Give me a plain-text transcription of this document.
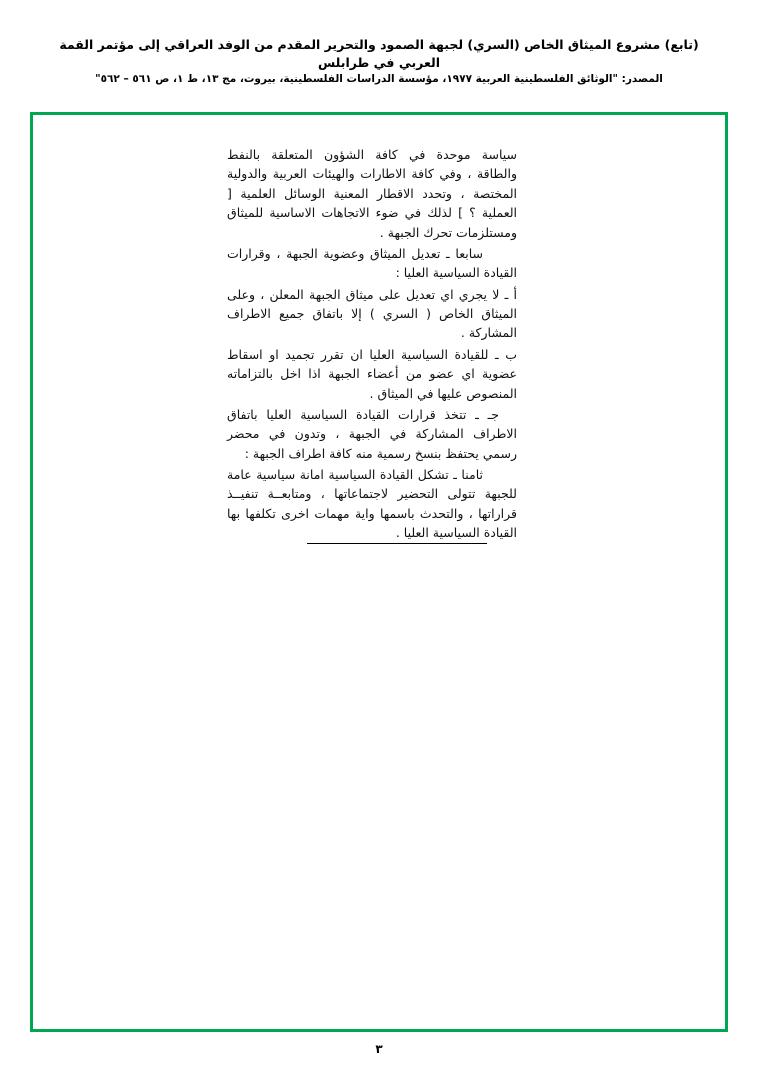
(تابع) مشروع الميثاق الخاص (السري) لجبهة الصمود والتحرير المقدم من الوفد العراقي إلى مؤتمر القمة العربي في طرابلس
المصدر: "الوثائق الفلسطينية العربية ١٩٧٧، مؤسسة الدراسات الفلسطينية، بيروت، مج ١٣، ط ١، ص ٥٦١ – ٥٦٢"

سياسة موحدة في كافة الشؤون المتعلقة بالنفط والطاقة ، وفي كافة الاطارات والهيئات العربية والدولية المختصة ، وتحدد الاقطار المعنية الوسائل العلمية [ العملية ؟ ] لذلك في ضوء الاتجاهات الاساسية للميثاق ومستلزمات تحرك الجبهة .

سابعا ـ تعديل الميثاق وعضوية الجبهة ، وقرارات القيادة السياسية العليا :

أ ـ لا يجري اي تعديل على ميثاق الجبهة المعلن ، وعلى الميثاق الخاص ( السري ) إلا باتفاق جميع الاطراف المشاركة .

ب ـ للقيادة السياسية العليا ان تقرر تجميد او اسقاط عضوية اي عضو من أعضاء الجبهة اذا اخل بالتزاماته المنصوص عليها في الميثاق .

جـ ـ تتخذ قرارات القيادة السياسية العليا باتفاق الاطراف المشاركة في الجبهة ، وتدون في محضر رسمي يحتفظ بنسخ رسمية منه كافة اطراف الجبهة :

ثامنا ـ تشكل القيادة السياسية امانة سياسية عامة للجبهة تتولى التحضير لاجتماعاتها ، ومتابعــة تنفيــذ قراراتها ، والتحدث باسمها واية مهمات اخرى تكلفها بها القيادة السياسية العليا .

٣
